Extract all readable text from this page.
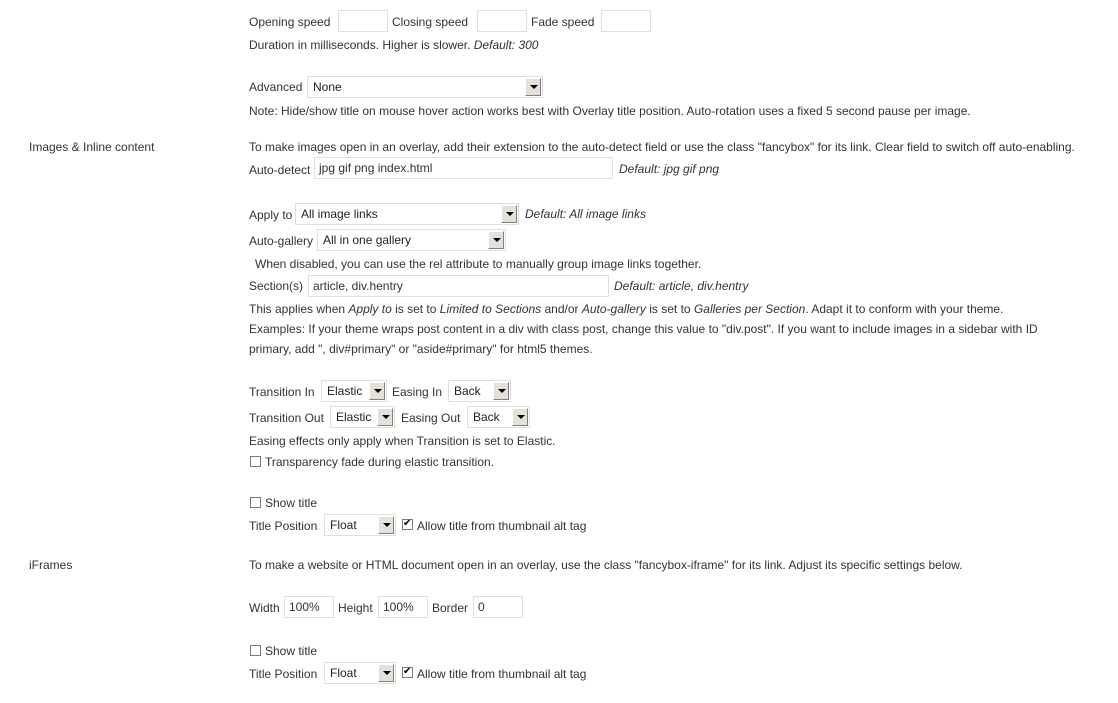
Opening speed	Closing speed	Fade speed
Duration in milliseconds. Higher is slower. Default: 300
Advanced None
Note: Hide/show title on mouse hover action works best with Overlay title position. Auto-rotation uses a fixed 5 second pause per image.
Images & Inline content	To make images open in an overlay, add their extension to the auto-detect field or use the class "fancybox" for its link. Clear field to switch off auto-enabling.
Auto-detect jpg gif png index.html	Default: jpg gif png
Apply to All image links	Default: All image links
Auto-gallery All in one gallery
When disabled, you can use the rel attribute to manually group image links together.
Section(s) article, div.hentry	Default: article, div.hentry
This applies when Apply to is set to Limited to Sections and/or Auto-gallery is set to Galleries per Section. Adapt it to conform with your theme.
Examples: If your theme wraps post content in a div with class post, change this value to "div.post". If you want to include images in a sidebar with ID
primary, add ", div#primary" or "aside#primary" for html5 themes.
Transition In Elastic Easing In Back
Transition Out Elastic Easing Out Back
Easing effects only apply when Transition is set to Elastic.
Transparency fade during elastic transition.
Show title
Title Position Float ✔	Allow title from thumbnail alt tag
iFrames	To make a website or HTML document open in an overlay, use the class "fancybox-iframe" for its link. Adjust its specific settings below.
Width 100%	Height 100%	Border 0
Show title
Title Position Float ✔	Allow title from thumbnail alt tag
